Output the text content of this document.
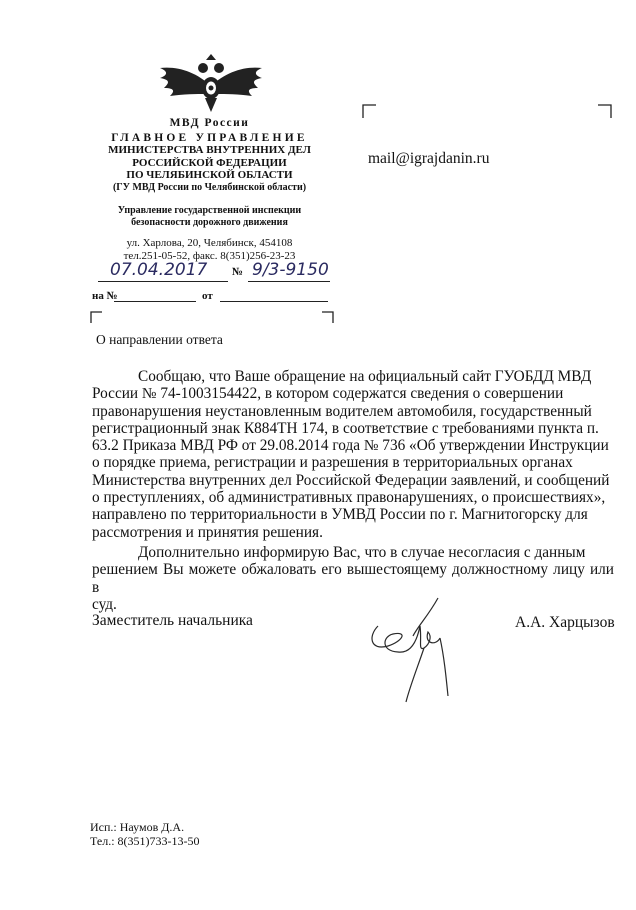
МВД России
ГЛАВНОЕ УПРАВЛЕНИЕ
МИНИСТЕРСТВА ВНУТРЕННИХ ДЕЛ
РОССИЙСКОЙ ФЕДЕРАЦИИ
ПО ЧЕЛЯБИНСКОЙ ОБЛАСТИ
(ГУ МВД России по Челябинской области)
Управление государственной инспекции
безопасности дорожного движения
ул. Харлова, 20, Челябинск, 454108
тел.251-05-52, факс. 8(351)256-23-23
07.04.2017 № 9/3-9150
на №	от
mail@igrajdanin.ru
О направлении ответа
Сообщаю, что Ваше обращение на официальный сайт ГУОБДД МВД
России № 74-1003154422, в котором содержатся сведения о совершении
правонарушения неустановленным водителем автомобиля, государственный
регистрационный знак К884ТН 174, в соответствие с требованиями пункта п.
63.2 Приказа МВД РФ от 29.08.2014 года № 736 «Об утверждении Инструкции
о порядке приема, регистрации и разрешения в территориальных органах
Министерства внутренних дел Российской Федерации заявлений, и сообщений
о преступлениях, об административных правонарушениях, о происшествиях»,
направлено по территориальности в УМВД России по г. Магнитогорску для
рассмотрения и принятия решения.
Дополнительно информирую Вас, что в случае несогласия с данным
решением Вы можете обжаловать его вышестоящему должностному лицу или в
суд.
Заместитель начальника	А.А. Харцызов
Исп.: Наумов Д.А.
Тел.: 8(351)733-13-50
